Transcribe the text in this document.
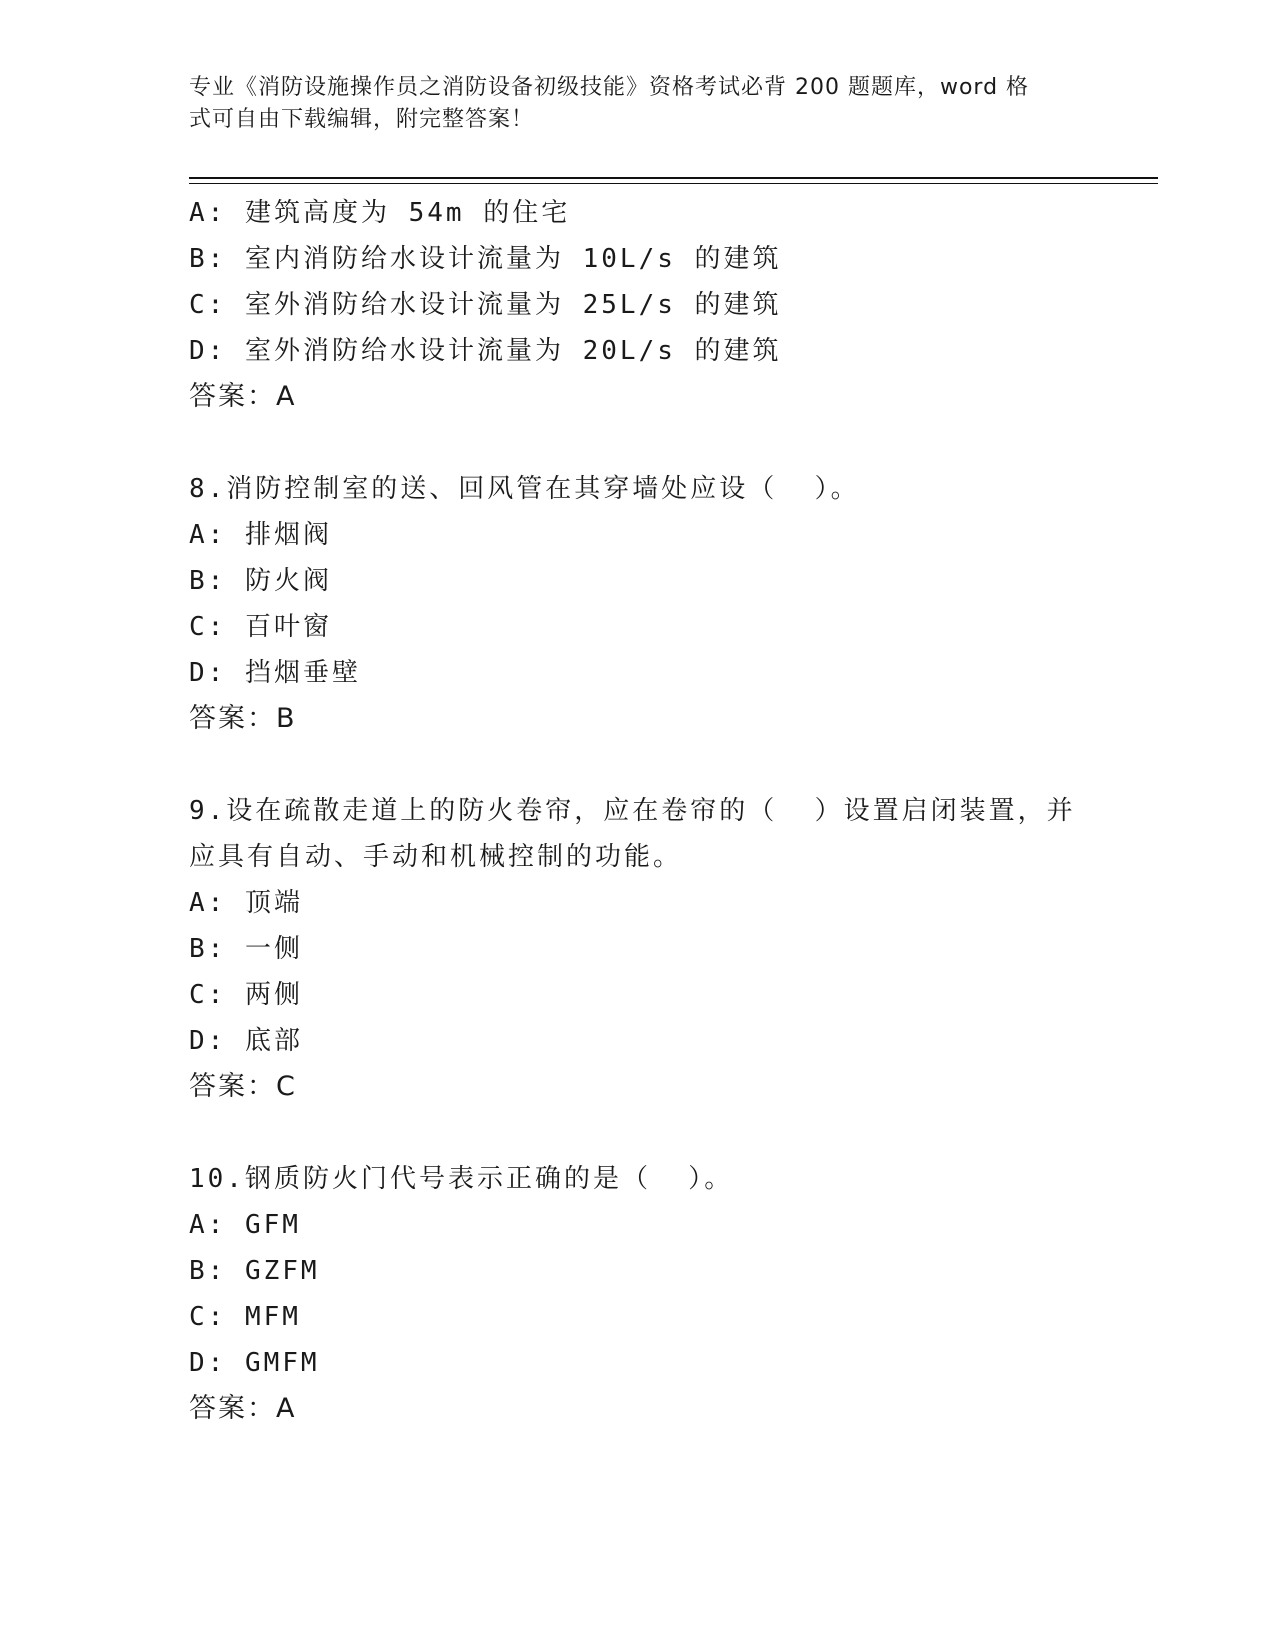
专业《消防设施操作员之消防设备初级技能》资格考试必背 200 题题库，word 格
式可自由下载编辑，附完整答案！
A: 建筑高度为 54m 的住宅
B: 室内消防给水设计流量为 10L/s 的建筑
C: 室外消防给水设计流量为 25L/s 的建筑
D: 室外消防给水设计流量为 20L/s 的建筑
答案：A
8.消防控制室的送、回风管在其穿墙处应设（  ）。
A: 排烟阀
B: 防火阀
C: 百叶窗
D: 挡烟垂壁
答案：B
9.设在疏散走道上的防火卷帘，应在卷帘的（  ）设置启闭装置，并
应具有自动、手动和机械控制的功能。
A: 顶端
B: 一侧
C: 两侧
D: 底部
答案：C
10.钢质防火门代号表示正确的是（  ）。
A: GFM
B: GZFM
C: MFM
D: GMFM
答案：A
